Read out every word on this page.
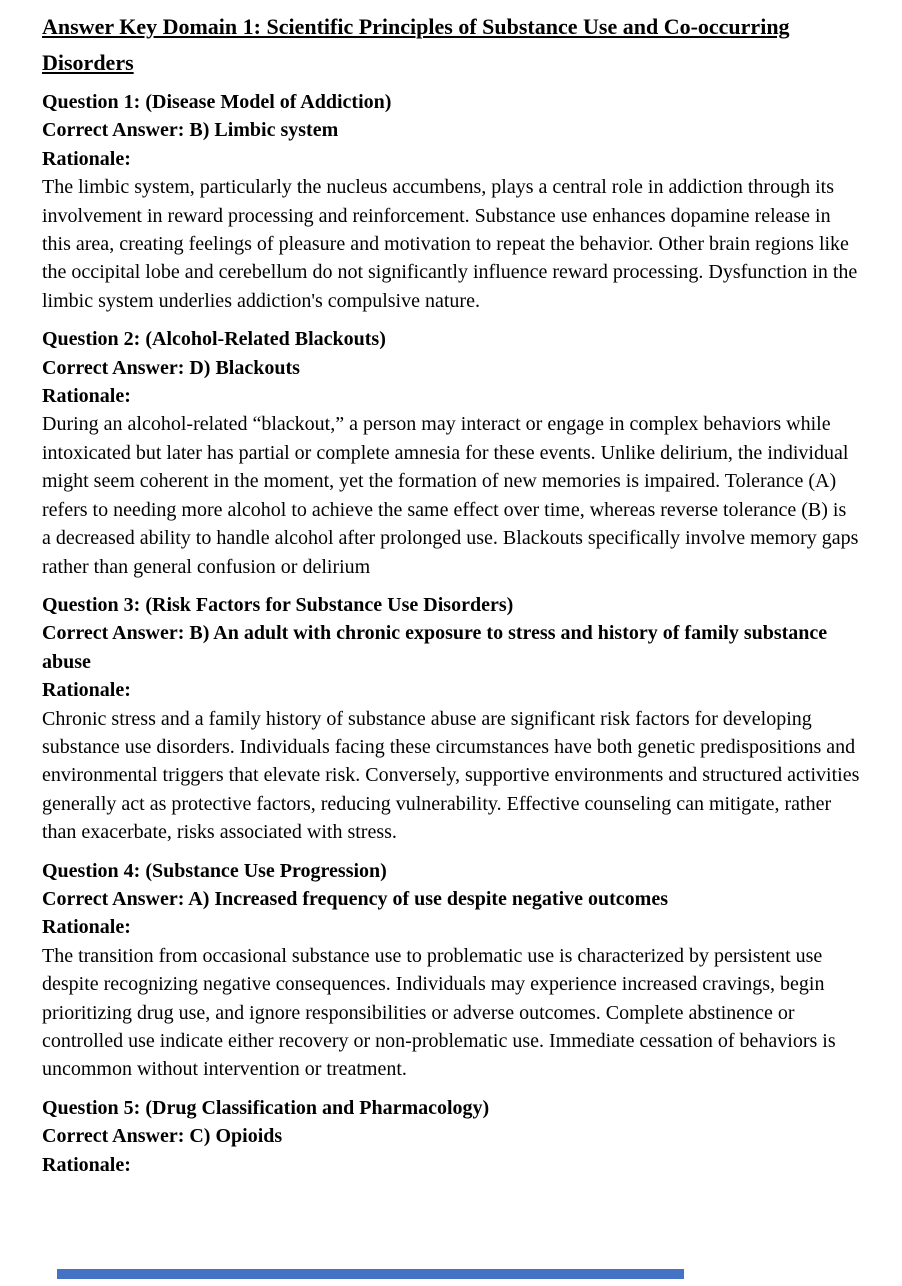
Answer Key Domain 1: Scientific Principles of Substance Use and Co-occurring Disorders

Question 1: (Disease Model of Addiction)

Correct Answer: B) Limbic system

Rationale:

The limbic system, particularly the nucleus accumbens, plays a central role in addiction through its involvement in reward processing and reinforcement. Substance use enhances dopamine release in this area, creating feelings of pleasure and motivation to repeat the behavior. Other brain regions like the occipital lobe and cerebellum do not significantly influence reward processing. Dysfunction in the limbic system underlies addiction's compulsive nature.

Question 2: (Alcohol-Related Blackouts)

Correct Answer: D) Blackouts

Rationale:

During an alcohol-related “blackout,” a person may interact or engage in complex behaviors while intoxicated but later has partial or complete amnesia for these events. Unlike delirium, the individual might seem coherent in the moment, yet the formation of new memories is impaired. Tolerance (A) refers to needing more alcohol to achieve the same effect over time, whereas reverse tolerance (B) is a decreased ability to handle alcohol after prolonged use. Blackouts specifically involve memory gaps rather than general confusion or delirium

Question 3: (Risk Factors for Substance Use Disorders)

Correct Answer: B) An adult with chronic exposure to stress and history of family substance abuse

Rationale:

Chronic stress and a family history of substance abuse are significant risk factors for developing substance use disorders. Individuals facing these circumstances have both genetic predispositions and environmental triggers that elevate risk. Conversely, supportive environments and structured activities generally act as protective factors, reducing vulnerability. Effective counseling can mitigate, rather than exacerbate, risks associated with stress.

Question 4: (Substance Use Progression)

Correct Answer: A) Increased frequency of use despite negative outcomes

Rationale:

The transition from occasional substance use to problematic use is characterized by persistent use despite recognizing negative consequences. Individuals may experience increased cravings, begin prioritizing drug use, and ignore responsibilities or adverse outcomes. Complete abstinence or controlled use indicate either recovery or non-problematic use. Immediate cessation of behaviors is uncommon without intervention or treatment.

Question 5: (Drug Classification and Pharmacology)

Correct Answer: C) Opioids

Rationale:
